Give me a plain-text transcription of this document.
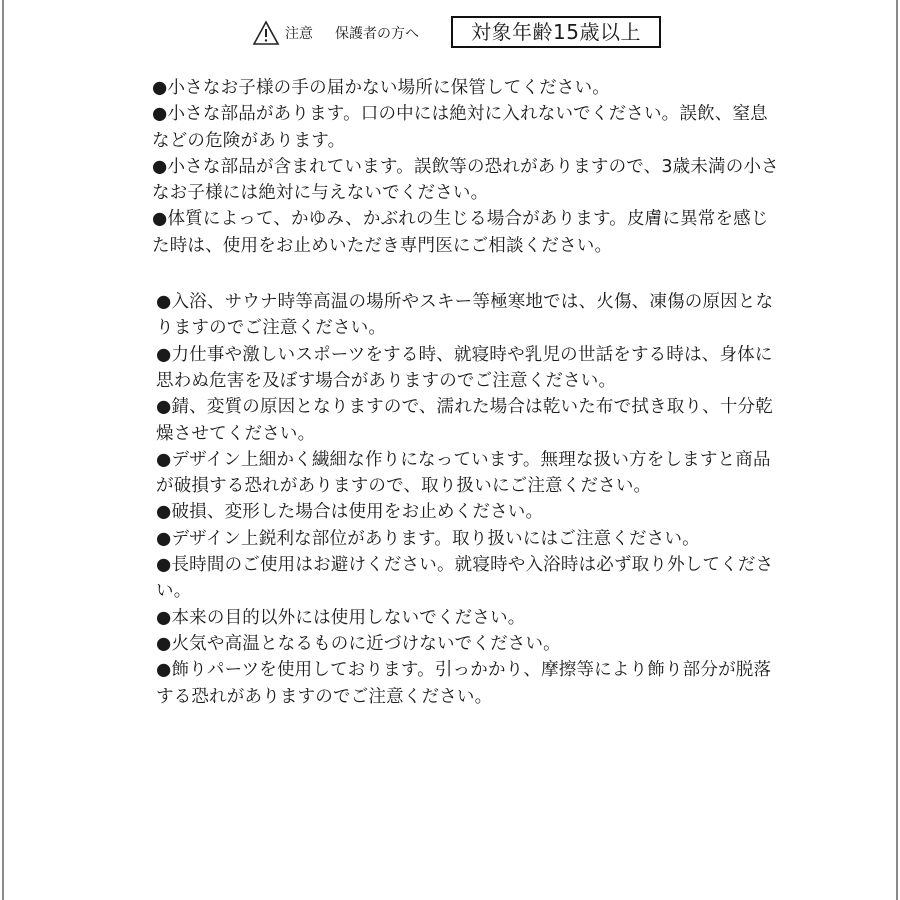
注意 保護者の方へ	対象年齢15歳以上
●小さなお子様の手の届かない場所に保管してください。
●小さな部品があります。口の中には絶対に入れないでください。誤飲、窒息などの危険があります。
●小さな部品が含まれています。誤飲等の恐れがありますので、3歳未満の小さなお子様には絶対に与えないでください。
●体質によって、かゆみ、かぶれの生じる場合があります。皮膚に異常を感じた時は、使用をお止めいただき専門医にご相談ください。
●入浴、サウナ時等高温の場所やスキー等極寒地では、火傷、凍傷の原因となりますのでご注意ください。
●力仕事や激しいスポーツをする時、就寝時や乳児の世話をする時は、身体に思わぬ危害を及ぼす場合がありますのでご注意ください。
●錆、変質の原因となりますので、濡れた場合は乾いた布で拭き取り、十分乾燥させてください。
●デザイン上細かく繊細な作りになっています。無理な扱い方をしますと商品が破損する恐れがありますので、取り扱いにご注意ください。
●破損、変形した場合は使用をお止めください。
●デザイン上鋭利な部位があります。取り扱いにはご注意ください。
●長時間のご使用はお避けください。就寝時や入浴時は必ず取り外してください。
●本来の目的以外には使用しないでください。
●火気や高温となるものに近づけないでください。
●飾りパーツを使用しております。引っかかり、摩擦等により飾り部分が脱落する恐れがありますのでご注意ください。
